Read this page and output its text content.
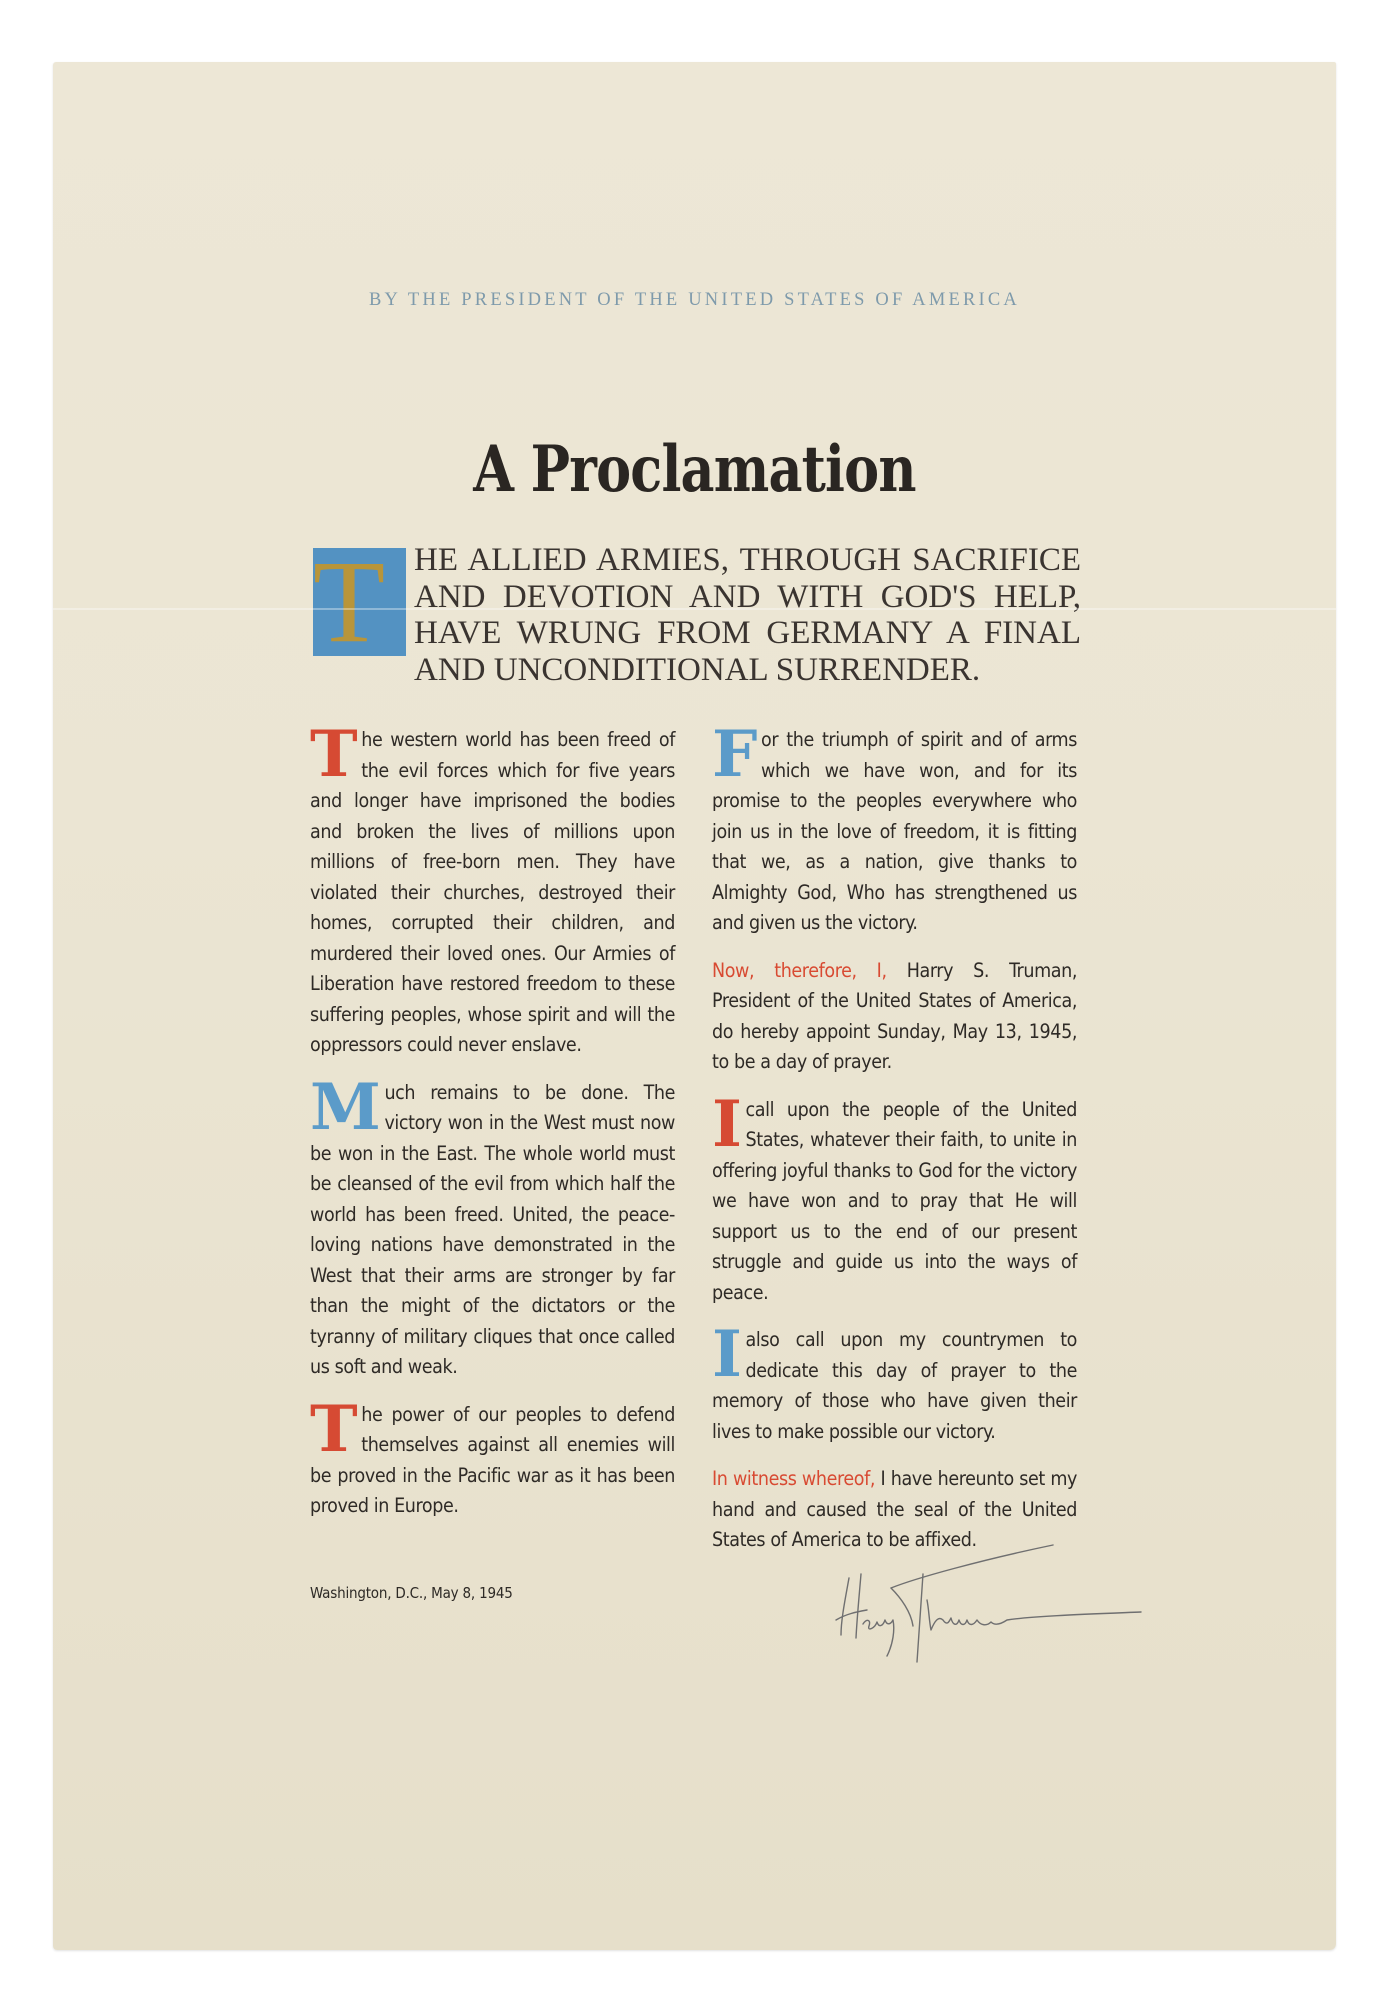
BY THE PRESIDENT OF THE UNITED STATES OF AMERICA
A Proclamation
T HE ALLIED ARMIES, THROUGH SACRIFICE AND DEVOTION AND WITH GOD'S HELP, HAVE WRUNG FROM GERMANY A FINAL AND UNCONDITIONAL SURRENDER.

The western world has been freed of the evil forces which for five years and longer have imprisoned the bodies and broken the lives of millions upon millions of free-born men. They have violated their churches, destroyed their homes, corrupted their children, and murdered their loved ones. Our Armies of Liberation have restored freedom to these suffering peoples, whose spirit and will the oppressors could never enslave.

Much remains to be done. The victory won in the West must now be won in the East. The whole world must be cleansed of the evil from which half the world has been freed. United, the peace-loving nations have demonstrated in the West that their arms are stronger by far than the might of the dictators or the tyranny of military cliques that once called us soft and weak.

The power of our peoples to defend themselves against all enemies will be proved in the Pacific war as it has been proved in Europe.

For the triumph of spirit and of arms which we have won, and for its promise to the peoples everywhere who join us in the love of freedom, it is fitting that we, as a nation, give thanks to Almighty God, Who has strengthened us and given us the victory.

Now, therefore, I, Harry S. Truman, President of the United States of America, do hereby appoint Sunday, May 13, 1945, to be a day of prayer.

Icall upon the people of the United States, whatever their faith, to unite in offering joyful thanks to God for the victory we have won and to pray that He will support us to the end of our present struggle and guide us into the ways of peace.

Ialso call upon my countrymen to dedicate this day of prayer to the memory of those who have given their lives to make possible our victory.

In witness whereof, I have hereunto set my hand and caused the seal of the United States of America to be affixed.

Washington, D.C., May 8, 1945
